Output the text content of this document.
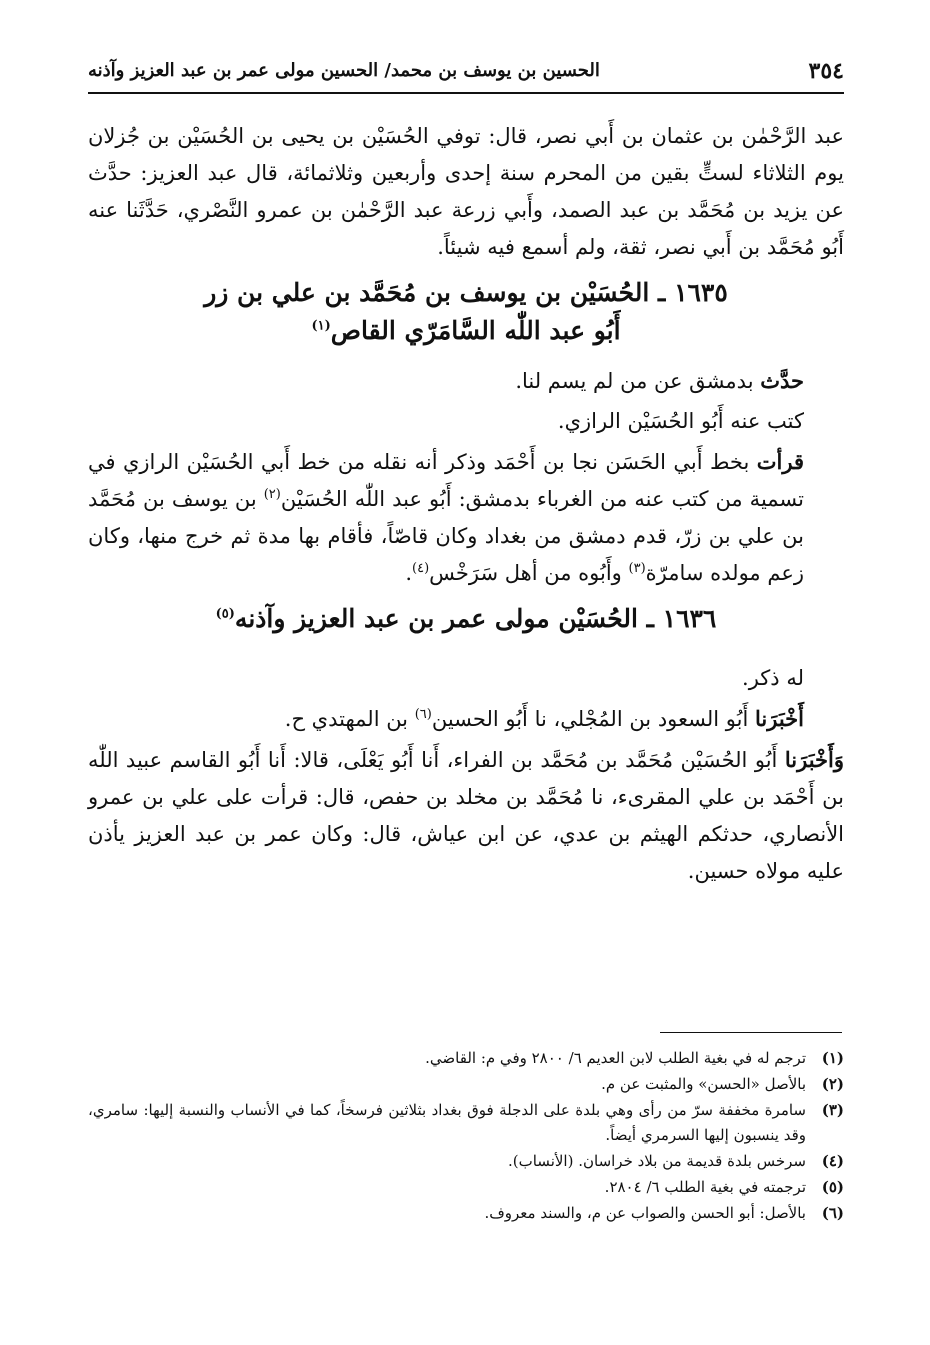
٣٥٤
الحسين بن يوسف بن محمد/ الحسين مولى عمر بن عبد العزيز وآذنه

عبد الرَّحْمٰن بن عثمان بن أَبي نصر، قال: توفي الحُسَيْن بن يحيى بن الحُسَيْن بن جُزلان يوم الثلاثاء لستٍّ بقين من المحرم سنة إحدى وأربعين وثلاثمائة، قال عبد العزيز: حدَّث عن يزيد بن مُحَمَّد بن عبد الصمد، وأَبي زرعة عبد الرَّحْمٰن بن عمرو النَّصْري، حَدَّثَنا عنه أَبُو مُحَمَّد بن أَبي نصر، ثقة، ولم أسمع فيه شيئاً.

١٦٣٥ ـ الحُسَيْن بن يوسف بن مُحَمَّد بن علي بن زر
أَبُو عبد اللّٰه السَّامَرّي القاص$^{(١)}$

حدَّث بدمشق عن من لم يسم لنا.

كتب عنه أَبُو الحُسَيْن الرازي.

قرأت بخط أَبي الحَسَن نجا بن أَحْمَد وذكر أنه نقله من خط أَبي الحُسَيْن الرازي في تسمية من كتب عنه من الغرباء بدمشق: أَبُو عبد اللّٰه الحُسَيْن$^{(٢)}$ بن يوسف بن مُحَمَّد بن علي بن زرّ، قدم دمشق من بغداد وكان قاصّاً، فأقام بها مدة ثم خرج منها، وكان زعم مولده سامرّة$^{(٣)}$ وأَبُوه من أهل سَرَخْس$^{(٤)}$.

١٦٣٦ ـ الحُسَيْن مولى عمر بن عبد العزيز وآذنه$^{(٥)}$

له ذكر.

أَخْبَرَنا أَبُو السعود بن المُجْلي، نا أَبُو الحسين$^{(٦)}$ بن المهتدي ح.

وَأَخْبَرَنا أَبُو الحُسَيْن مُحَمَّد بن مُحَمَّد بن الفراء، أَنا أَبُو يَعْلَى، قالا: أَنا أَبُو القاسم عبيد اللّٰه بن أَحْمَد بن علي المقرىء، نا مُحَمَّد بن مخلد بن حفص، قال: قرأت على علي بن عمرو الأنصاري، حدثكم الهيثم بن عدي، عن ابن عياش، قال: وكان عمر بن عبد العزيز يأذن عليه مولاه حسين.

(١)
ترجم له في بغية الطلب لابن العديم ٦/ ٢٨٠٠ وفي م: القاضي.
(٢)
بالأصل «الحسن» والمثبت عن م.
(٣)
سامرة مخففة سرّ من رأى وهي بلدة على الدجلة فوق بغداد بثلاثين فرسخاً، كما في الأنساب والنسبة إليها: سامري، وقد ينسبون إليها السرمري أيضاً.
(٤)
سرخس بلدة قديمة من بلاد خراسان. (الأنساب).
(٥)
ترجمته في بغية الطلب ٦/ ٢٨٠٤.
(٦)
بالأصل: أبو الحسن والصواب عن م، والسند معروف.
